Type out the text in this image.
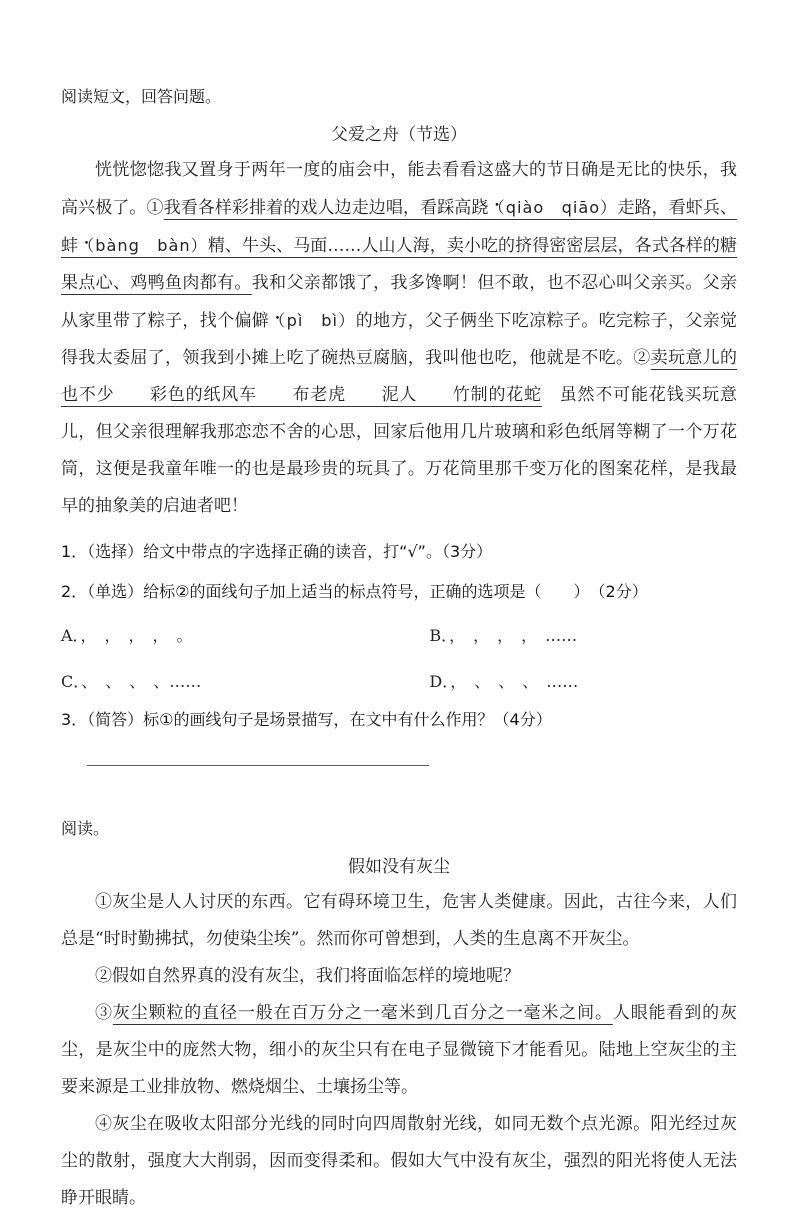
阅读短文，回答问题。
父爱之舟（节选）
恍恍惚惚我又置身于两年一度的庙会中，能去看看这盛大的节日确是无比的快乐，我高兴极了。①我看各样彩排着的戏人边走边唱，看踩高跷 •（qiào　qiāo）走路，看虾兵、蚌 •（bàng　bàn）精、牛头、马面……人山人海，卖小吃的挤得密密层层，各式各样的糖果点心、鸡鸭鱼肉都有。我和父亲都饿了，我多馋啊！但不敢，也不忍心叫父亲买。父亲从家里带了粽子，找个偏僻 •（pì　bì）的地方，父子俩坐下吃凉粽子。吃完粽子，父亲觉得我太委屈了，领我到小摊上吃了碗热豆腐脑，我叫他也吃，他就是不吃。②卖玩意儿的也不少　　彩色的纸风车　　布老虎　　泥人　　竹制的花蛇　虽然不可能花钱买玩意儿，但父亲很理解我那恋恋不舍的心思，回家后他用几片玻璃和彩色纸屑等糊了一个万花筒，这便是我童年唯一的也是最珍贵的玩具了。万花筒里那千变万化的图案花样，是我最早的抽象美的启迪者吧！
1．（选择）给文中带点的字选择正确的读音，打“√”。（3分）
2．（单选）给标②的面线句子加上适当的标点符号，正确的选项是（　　）　（2分）
A．，　，　，　，　。	B．，　，　，　，　……
C．、　、　、　、……	D．，　、　、　、　……
3．（简答）标①的画线句子是场景描写，在文中有什么作用？（4分）
阅读。
假如没有灰尘

①灰尘是人人讨厌的东西。它有碍环境卫生，危害人类健康。因此，古往今来，人们总是“时时勤拂拭，勿使染尘埃”。然而你可曾想到，人类的生息离不开灰尘。

②假如自然界真的没有灰尘，我们将面临怎样的境地呢？

③灰尘颗粒的直径一般在百万分之一毫米到几百分之一毫米之间。人眼能看到的灰尘，是灰尘中的庞然大物，细小的灰尘只有在电子显微镜下才能看见。陆地上空灰尘的主要来源是工业排放物、燃烧烟尘、土壤扬尘等。

④灰尘在吸收太阳部分光线的同时向四周散射光线，如同无数个点光源。阳光经过灰尘的散射，强度大大削弱，因而变得柔和。假如大气中没有灰尘，强烈的阳光将使人无法睁开眼睛。
